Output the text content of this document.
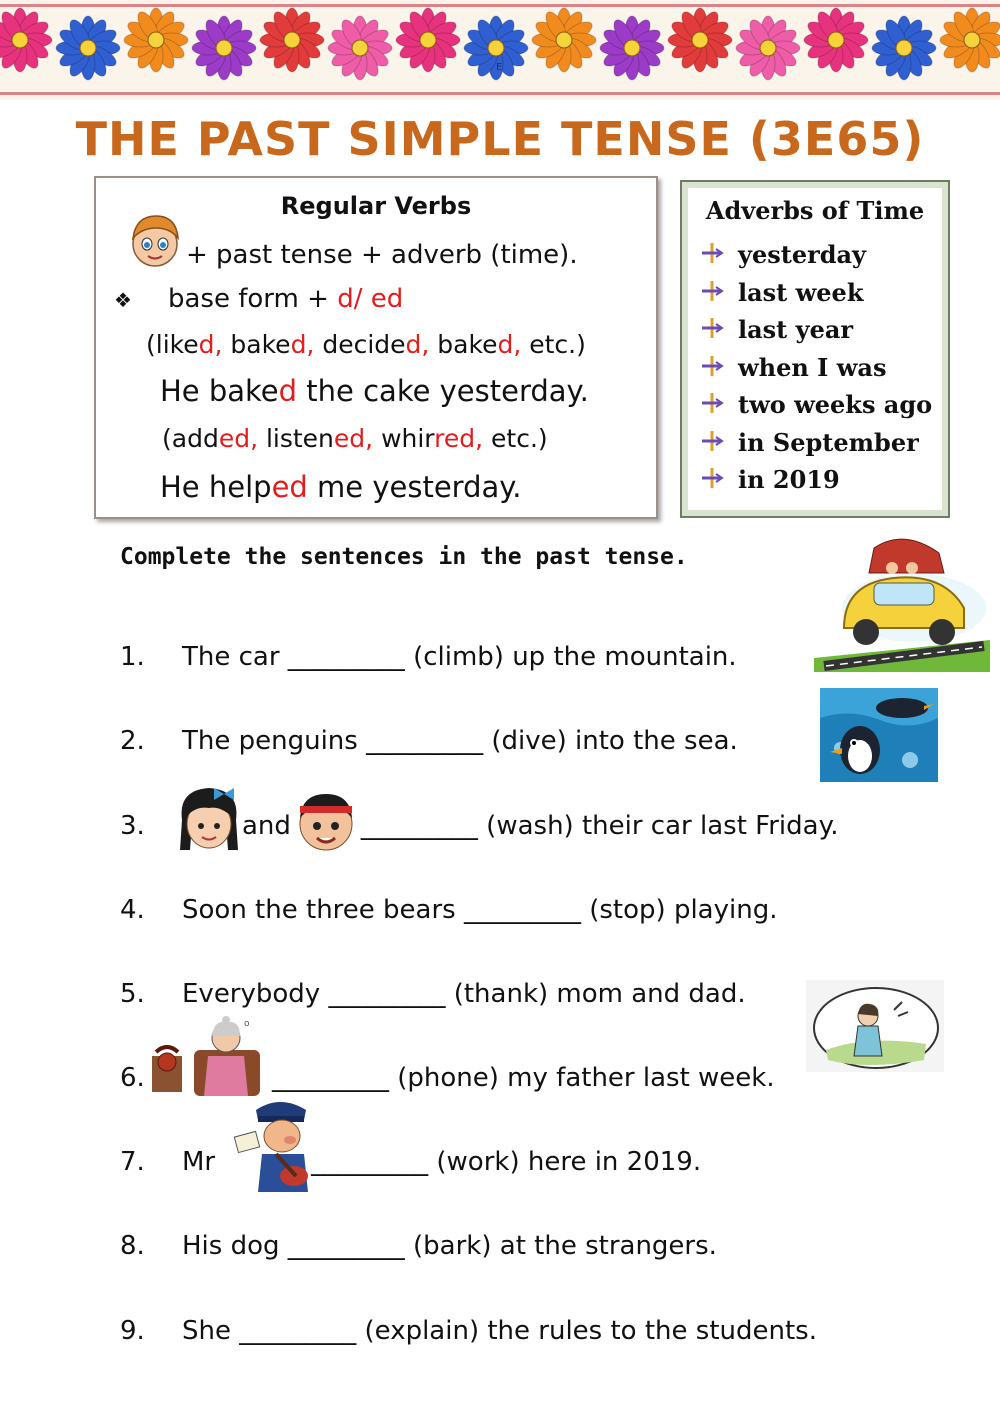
E
THE PAST SIMPLE TENSE (3E65)
Regular Verbs
+ past tense + adverb (time).
❖ base form + d/ ed
(liked, baked, decided, baked, etc.)
He baked the cake yesterday.
(added, listened, whirred, etc.)
He helped me yesterday.
Adverbs of Time
yesterday
last week
last year
when I was
two weeks ago
in September
in 2019
Complete the sentences in the past tense.
1. The car _________ (climb) up the mountain.
2. The penguins _________ (dive) into the sea.
3.	and	_________ (wash) their car last Friday.
4. Soon the three bears _________ (stop) playing.
5. Everybody _________ (thank) mom and dad.
6.	_________ (phone) my father last week.
o
7. Mr	_________ (work) here in 2019.
8. His dog _________ (bark) at the strangers.
9. She _________ (explain) the rules to the students.
